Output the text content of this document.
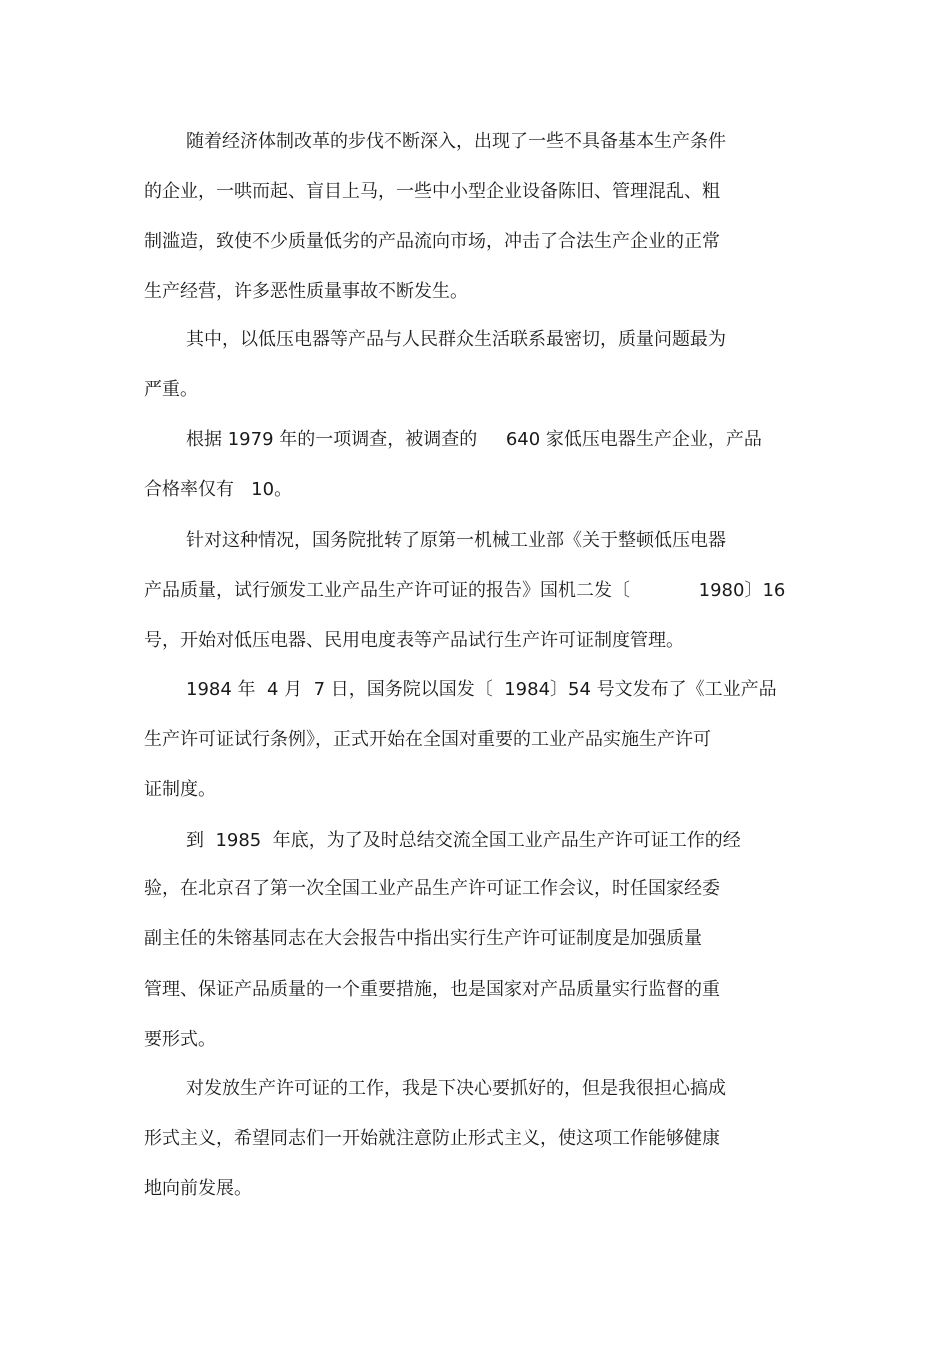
随着经济体制改革的步伐不断深入，出现了一些不具备基本生产条件
的企业，一哄而起、盲目上马，一些中小型企业设备陈旧、管理混乱、粗
制滥造，致使不少质量低劣的产品流向市场，冲击了合法生产企业的正常
生产经营，许多恶性质量事故不断发生。
其中，以低压电器等产品与人民群众生活联系最密切，质量问题最为
严重。
根据 1979 年的一项调查，被调查的     640 家低压电器生产企业，产品
合格率仅有   10。
针对这种情况，国务院批转了原第一机械工业部《关于整顿低压电器
产品质量，试行颁发工业产品生产许可证的报告》国机二发〔            1980〕16
号，开始对低压电器、民用电度表等产品试行生产许可证制度管理。
1984 年  4 月  7 日，国务院以国发〔  1984〕54 号文发布了《工业产品
生产许可证试行条例》，正式开始在全国对重要的工业产品实施生产许可
证制度。
到  1985  年底，为了及时总结交流全国工业产品生产许可证工作的经
验，在北京召了第一次全国工业产品生产许可证工作会议，时任国家经委
副主任的朱镕基同志在大会报告中指出实行生产许可证制度是加强质量
管理、保证产品质量的一个重要措施，也是国家对产品质量实行监督的重
要形式。
对发放生产许可证的工作，我是下决心要抓好的，但是我很担心搞成
形式主义，希望同志们一开始就注意防止形式主义，使这项工作能够健康
地向前发展。
